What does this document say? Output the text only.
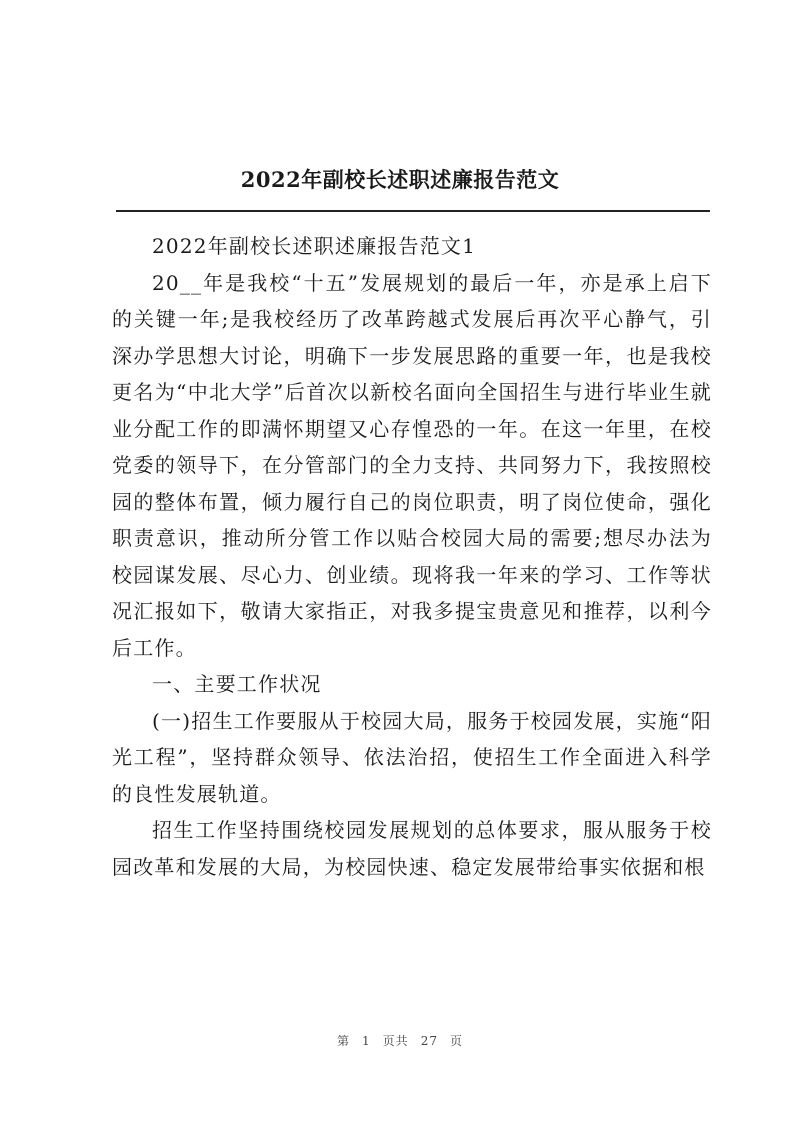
2022年副校长述职述廉报告范文

2022年副校长述职述廉报告范文1

20__年是我校“十五”发展规划的最后一年，亦是承上启下的关键一年;是我校经历了改革跨越式发展后再次平心静气，引深办学思想大讨论，明确下一步发展思路的重要一年，也是我校更名为“中北大学”后首次以新校名面向全国招生与进行毕业生就业分配工作的即满怀期望又心存惶恐的一年。在这一年里，在校党委的领导下，在分管部门的全力支持、共同努力下，我按照校园的整体布置，倾力履行自己的岗位职责，明了岗位使命，强化职责意识，推动所分管工作以贴合校园大局的需要;想尽办法为校园谋发展、尽心力、创业绩。现将我一年来的学习、工作等状况汇报如下，敬请大家指正，对我多提宝贵意见和推荐，以利今后工作。

一、主要工作状况

(一)招生工作要服从于校园大局，服务于校园发展，实施“阳光工程”，坚持群众领导、依法治招，使招生工作全面进入科学的良性发展轨道。

招生工作坚持围绕校园发展规划的总体要求，服从服务于校园改革和发展的大局，为校园快速、稳定发展带给事实依据和根

第 1 页共 27 页
